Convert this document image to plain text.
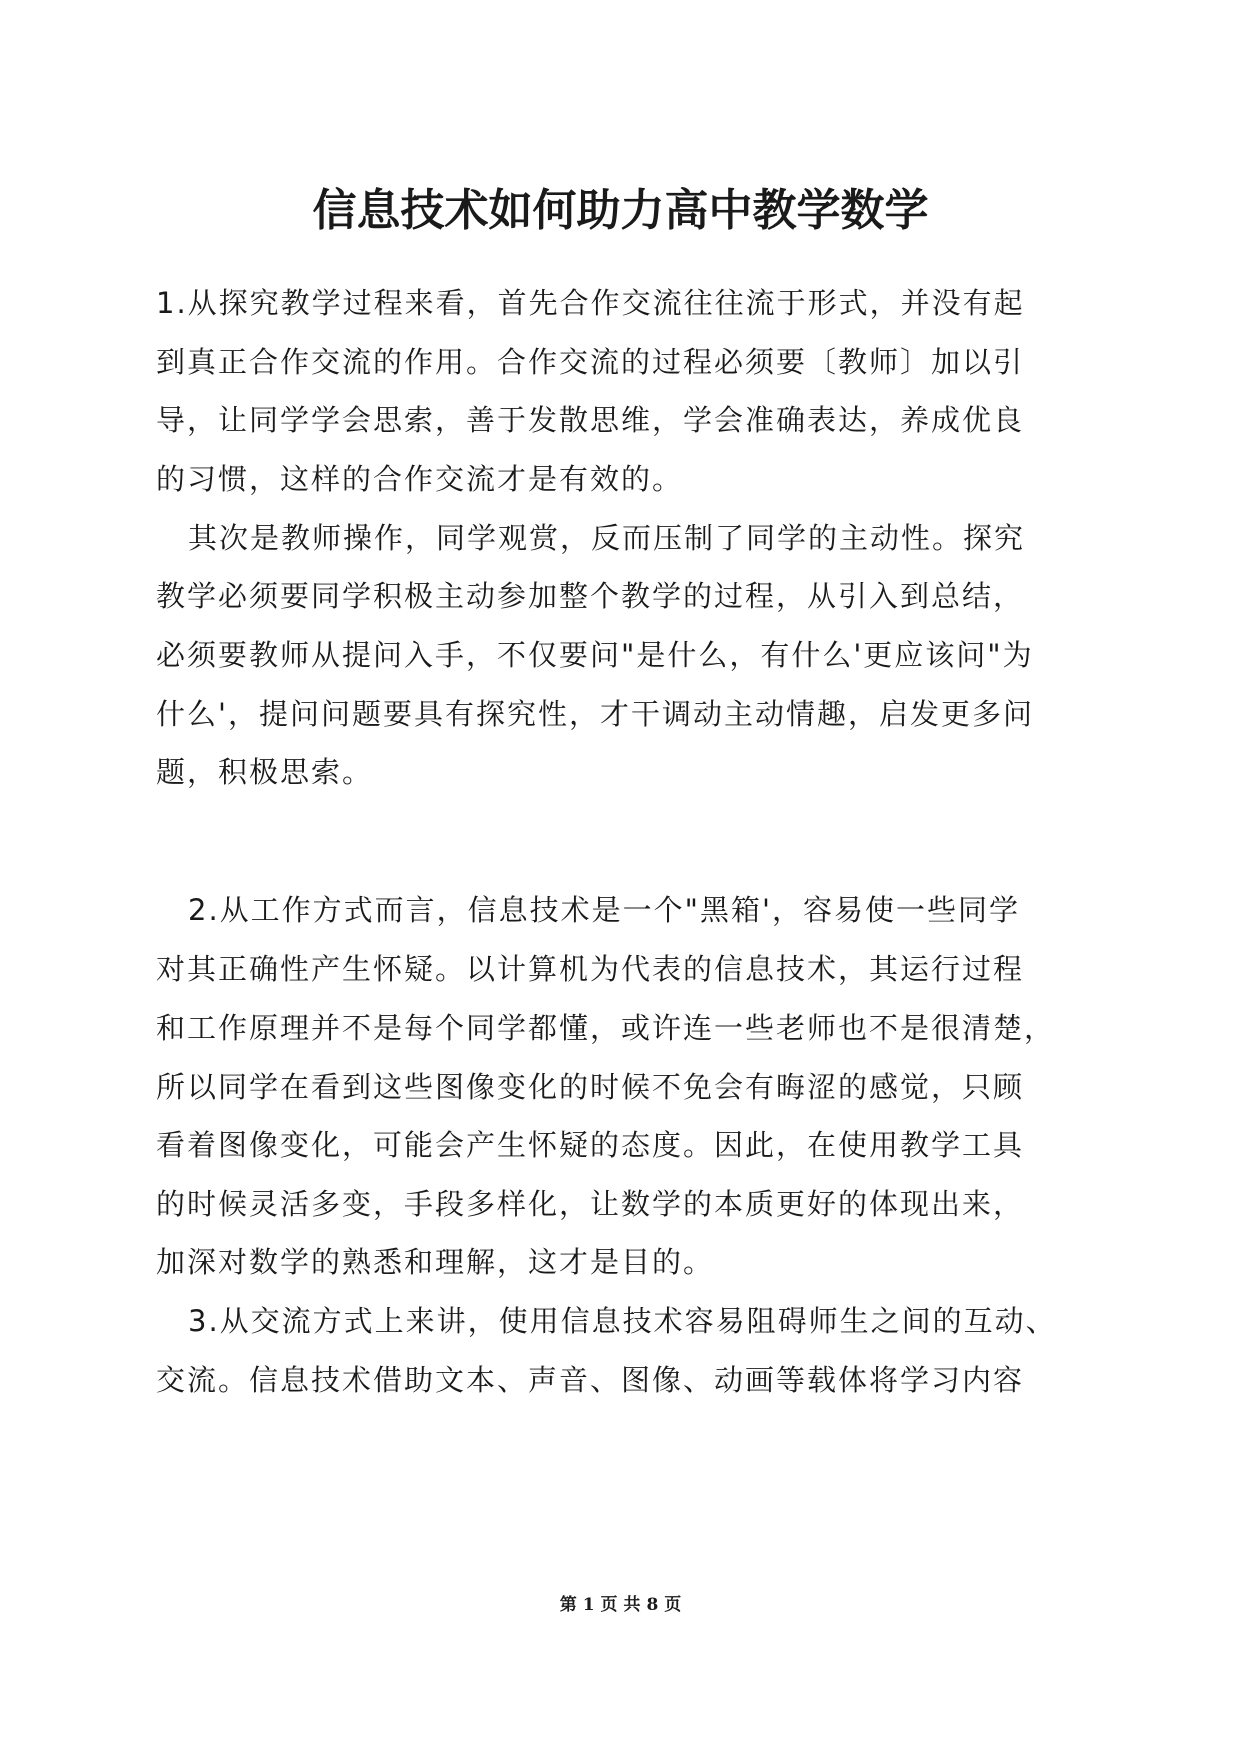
信息技术如何助力高中教学数学
1.从探究教学过程来看，首先合作交流往往流于形式，并没有起
到真正合作交流的作用。合作交流的过程必须要〔教师〕加以引
导，让同学学会思索，善于发散思维，学会准确表达，养成优良
的习惯，这样的合作交流才是有效的。
其次是教师操作，同学观赏，反而压制了同学的主动性。探究
教学必须要同学积极主动参加整个教学的过程，从引入到总结，
必须要教师从提问入手，不仅要问"是什么，有什么'更应该问"为
什么'，提问问题要具有探究性，才干调动主动情趣，启发更多问
题，积极思索。
2.从工作方式而言，信息技术是一个"黑箱'，容易使一些同学
对其正确性产生怀疑。以计算机为代表的信息技术，其运行过程
和工作原理并不是每个同学都懂，或许连一些老师也不是很清楚，
所以同学在看到这些图像变化的时候不免会有晦涩的感觉，只顾
看着图像变化，可能会产生怀疑的态度。因此，在使用教学工具
的时候灵活多变，手段多样化，让数学的本质更好的体现出来，
加深对数学的熟悉和理解，这才是目的。
3.从交流方式上来讲，使用信息技术容易阻碍师生之间的互动、
交流。信息技术借助文本、声音、图像、动画等载体将学习内容
第 1 页 共 8 页
